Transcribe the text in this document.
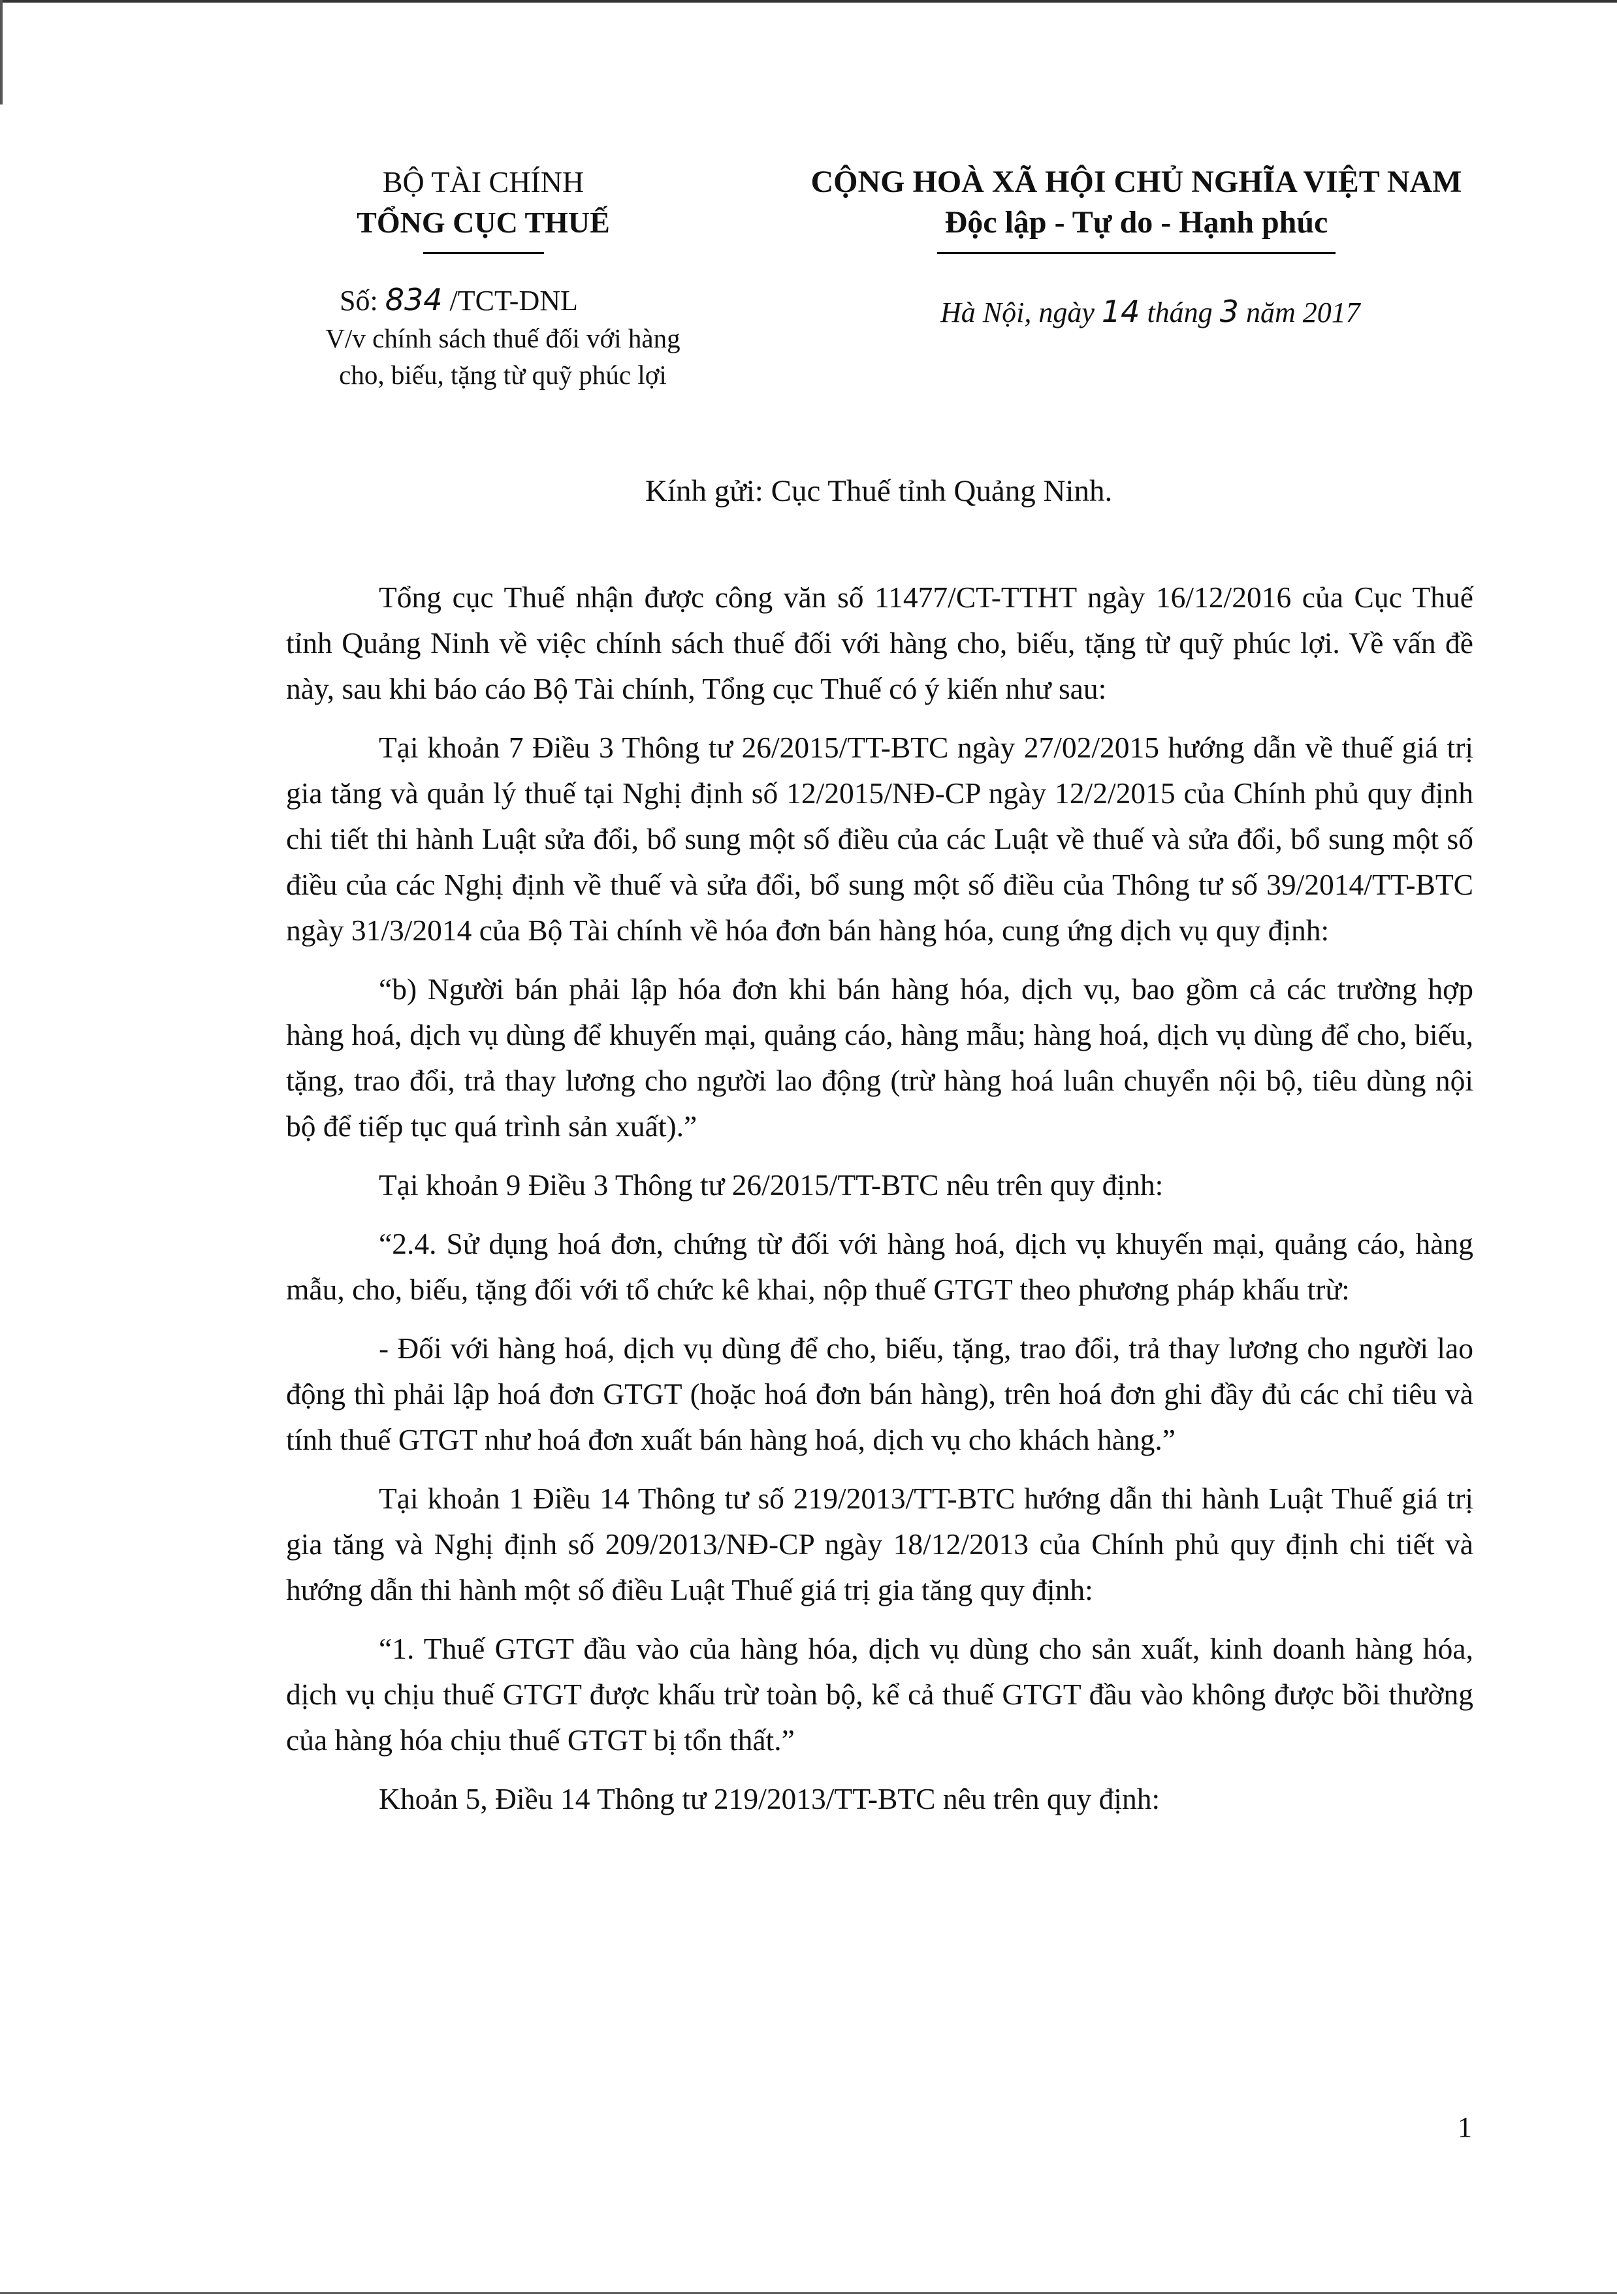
BỘ TÀI CHÍNH
TỔNG CỤC THUẾ
CỘNG HOÀ XÃ HỘI CHỦ NGHĨA VIỆT NAM
Độc lập - Tự do - Hạnh phúc
Số: 834 /TCT-DNL
V/v chính sách thuế đối với hàng
cho, biếu, tặng từ quỹ phúc lợi
Hà Nội, ngày 14 tháng 3 năm 2017
Kính gửi: Cục Thuế tỉnh Quảng Ninh.

Tổng cục Thuế nhận được công văn số 11477/CT-TTHT ngày 16/12/2016 của Cục Thuế tỉnh Quảng Ninh về việc chính sách thuế đối với hàng cho, biếu, tặng từ quỹ phúc lợi. Về vấn đề này, sau khi báo cáo Bộ Tài chính, Tổng cục Thuế có ý kiến như sau:

Tại khoản 7 Điều 3 Thông tư 26/2015/TT-BTC ngày 27/02/2015 hướng dẫn về thuế giá trị gia tăng và quản lý thuế tại Nghị định số 12/2015/NĐ-CP ngày 12/2/2015 của Chính phủ quy định chi tiết thi hành Luật sửa đổi, bổ sung một số điều của các Luật về thuế và sửa đổi, bổ sung một số điều của các Nghị định về thuế và sửa đổi, bổ sung một số điều của Thông tư số 39/2014/TT-BTC ngày 31/3/2014 của Bộ Tài chính về hóa đơn bán hàng hóa, cung ứng dịch vụ quy định:

“b) Người bán phải lập hóa đơn khi bán hàng hóa, dịch vụ, bao gồm cả các trường hợp hàng hoá, dịch vụ dùng để khuyến mại, quảng cáo, hàng mẫu; hàng hoá, dịch vụ dùng để cho, biếu, tặng, trao đổi, trả thay lương cho người lao động (trừ hàng hoá luân chuyển nội bộ, tiêu dùng nội bộ để tiếp tục quá trình sản xuất).”

Tại khoản 9 Điều 3 Thông tư 26/2015/TT-BTC nêu trên quy định:

“2.4. Sử dụng hoá đơn, chứng từ đối với hàng hoá, dịch vụ khuyến mại, quảng cáo, hàng mẫu, cho, biếu, tặng đối với tổ chức kê khai, nộp thuế GTGT theo phương pháp khấu trừ:

- Đối với hàng hoá, dịch vụ dùng để cho, biếu, tặng, trao đổi, trả thay lương cho người lao động thì phải lập hoá đơn GTGT (hoặc hoá đơn bán hàng), trên hoá đơn ghi đầy đủ các chỉ tiêu và tính thuế GTGT như hoá đơn xuất bán hàng hoá, dịch vụ cho khách hàng.”

Tại khoản 1 Điều 14 Thông tư số 219/2013/TT-BTC hướng dẫn thi hành Luật Thuế giá trị gia tăng và Nghị định số 209/2013/NĐ-CP ngày 18/12/2013 của Chính phủ quy định chi tiết và hướng dẫn thi hành một số điều Luật Thuế giá trị gia tăng quy định:

“1. Thuế GTGT đầu vào của hàng hóa, dịch vụ dùng cho sản xuất, kinh doanh hàng hóa, dịch vụ chịu thuế GTGT được khấu trừ toàn bộ, kể cả thuế GTGT đầu vào không được bồi thường của hàng hóa chịu thuế GTGT bị tổn thất.”

Khoản 5, Điều 14 Thông tư 219/2013/TT-BTC nêu trên quy định:

1
